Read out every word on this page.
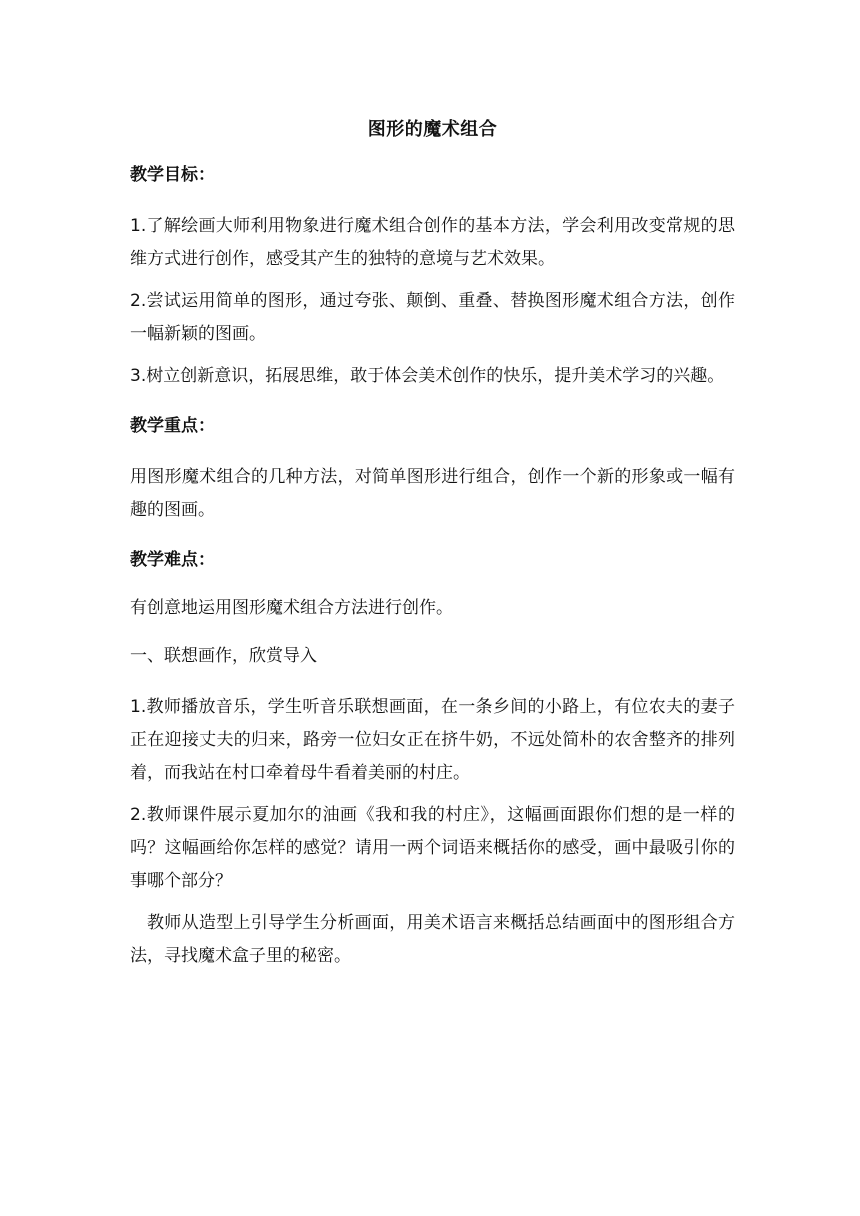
图形的魔术组合
教学目标：
1.了解绘画大师利用物象进行魔术组合创作的基本方法，学会利用改变常规的思维方式进行创作，感受其产生的独特的意境与艺术效果。
2.尝试运用简单的图形，通过夸张、颠倒、重叠、替换图形魔术组合方法，创作一幅新颖的图画。
3.树立创新意识，拓展思维，敢于体会美术创作的快乐，提升美术学习的兴趣。
教学重点：
用图形魔术组合的几种方法，对简单图形进行组合，创作一个新的形象或一幅有趣的图画。
教学难点：
有创意地运用图形魔术组合方法进行创作。
一、联想画作，欣赏导入
1.教师播放音乐，学生听音乐联想画面，在一条乡间的小路上，有位农夫的妻子正在迎接丈夫的归来，路旁一位妇女正在挤牛奶，不远处简朴的农舍整齐的排列着，而我站在村口牵着母牛看着美丽的村庄。
2.教师课件展示夏加尔的油画《我和我的村庄》，这幅画面跟你们想的是一样的吗？这幅画给你怎样的感觉？请用一两个词语来概括你的感受，画中最吸引你的事哪个部分？
教师从造型上引导学生分析画面，用美术语言来概括总结画面中的图形组合方法，寻找魔术盒子里的秘密。
